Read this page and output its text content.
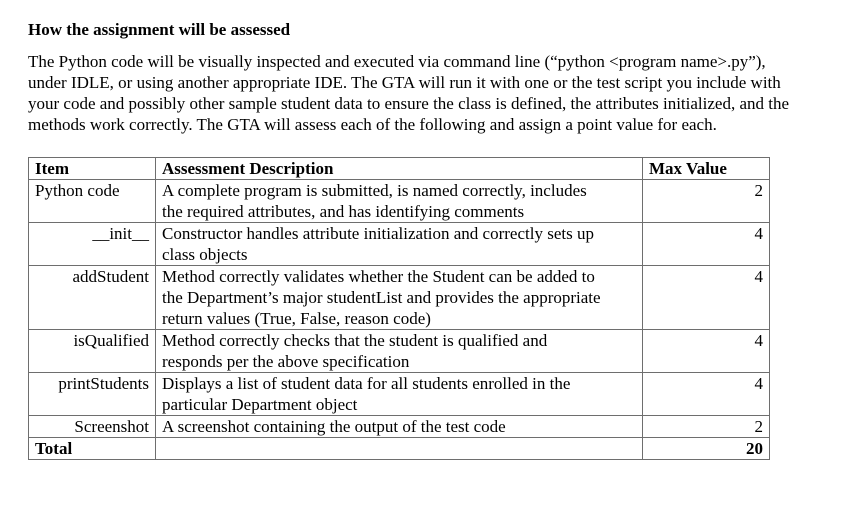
How the assignment will be assessed
The Python code will be visually inspected and executed via command line (“python <program name>.py”),
under IDLE, or using another appropriate IDE. The GTA will run it with one or the test script you include with
your code and possibly other sample student data to ensure the class is defined, the attributes initialized, and the
methods work correctly. The GTA will assess each of the following and assign a point value for each.
Item	Assessment Description	Max Value
Python code	A complete program is submitted, is named correctly, includes
the required attributes, and has identifying comments	2
__init__	Constructor handles attribute initialization and correctly sets up
class objects	4
addStudent	Method correctly validates whether the Student can be added to
the Department’s major studentList and provides the appropriate
return values (True, False, reason code)	4
isQualified	Method correctly checks that the student is qualified and
responds per the above specification	4
printStudents	Displays a list of student data for all students enrolled in the
particular Department object	4
Screenshot	A screenshot containing the output of the test code	2
Total		20
